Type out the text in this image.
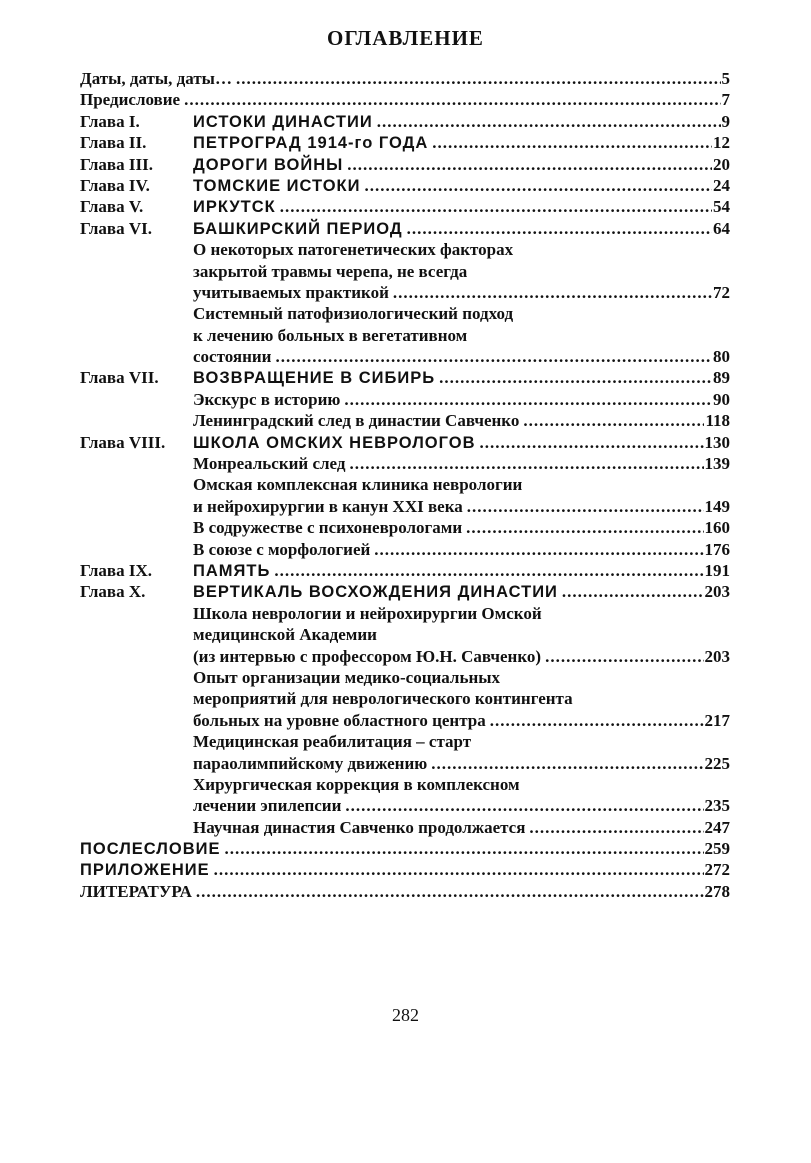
ОГЛАВЛЕНИЕ
Даты, даты, даты… .....	5
Предисловие .....	7
Глава I.	ИСТОКИ ДИНАСТИИ .....	9
Глава II.	ПЕТРОГРАД 1914-го ГОДА .....	12
Глава III.	ДОРОГИ ВОЙНЫ .....	20
Глава IV.	ТОМСКИЕ ИСТОКИ .....	24
Глава V.	ИРКУТСК .....	54
Глава VI.	БАШКИРСКИЙ ПЕРИОД .....	64
О некоторых патогенетических факторах
закрытой травмы черепа, не всегда
учитываемых практикой .....	72
Системный патофизиологический подход
к лечению больных в вегетативном
состоянии .....	80
Глава VII.	ВОЗВРАЩЕНИЕ В СИБИРЬ .....	89
Экскурс в историю .....	90
Ленинградский след в династии Савченко .....	118
Глава VIII.	ШКОЛА ОМСКИХ НЕВРОЛОГОВ .....	130
Монреальский след .....	139
Омская комплексная клиника неврологии
и нейрохирургии в канун XXI века .....	149
В содружестве с психоневрологами .....	160
В союзе с морфологией .....	176
Глава IX.	ПАМЯТЬ .....	191
Глава X.	ВЕРТИКАЛЬ ВОСХОЖДЕНИЯ ДИНАСТИИ .....	203
Школа неврологии и нейрохирургии Омской
медицинской Академии
(из интервью с профессором Ю.Н. Савченко) .....	203
Опыт организации медико-социальных
мероприятий для неврологического контингента
больных на уровне областного центра .....	217
Медицинская реабилитация – старт
параолимпийскому движению .....	225
Хирургическая коррекция в комплексном
лечении эпилепсии .....	235
Научная династия Савченко продолжается .....	247
ПОСЛЕСЛОВИЕ .....	259
ПРИЛОЖЕНИЕ .....	272
ЛИТЕРАТУРА .....	278
282
